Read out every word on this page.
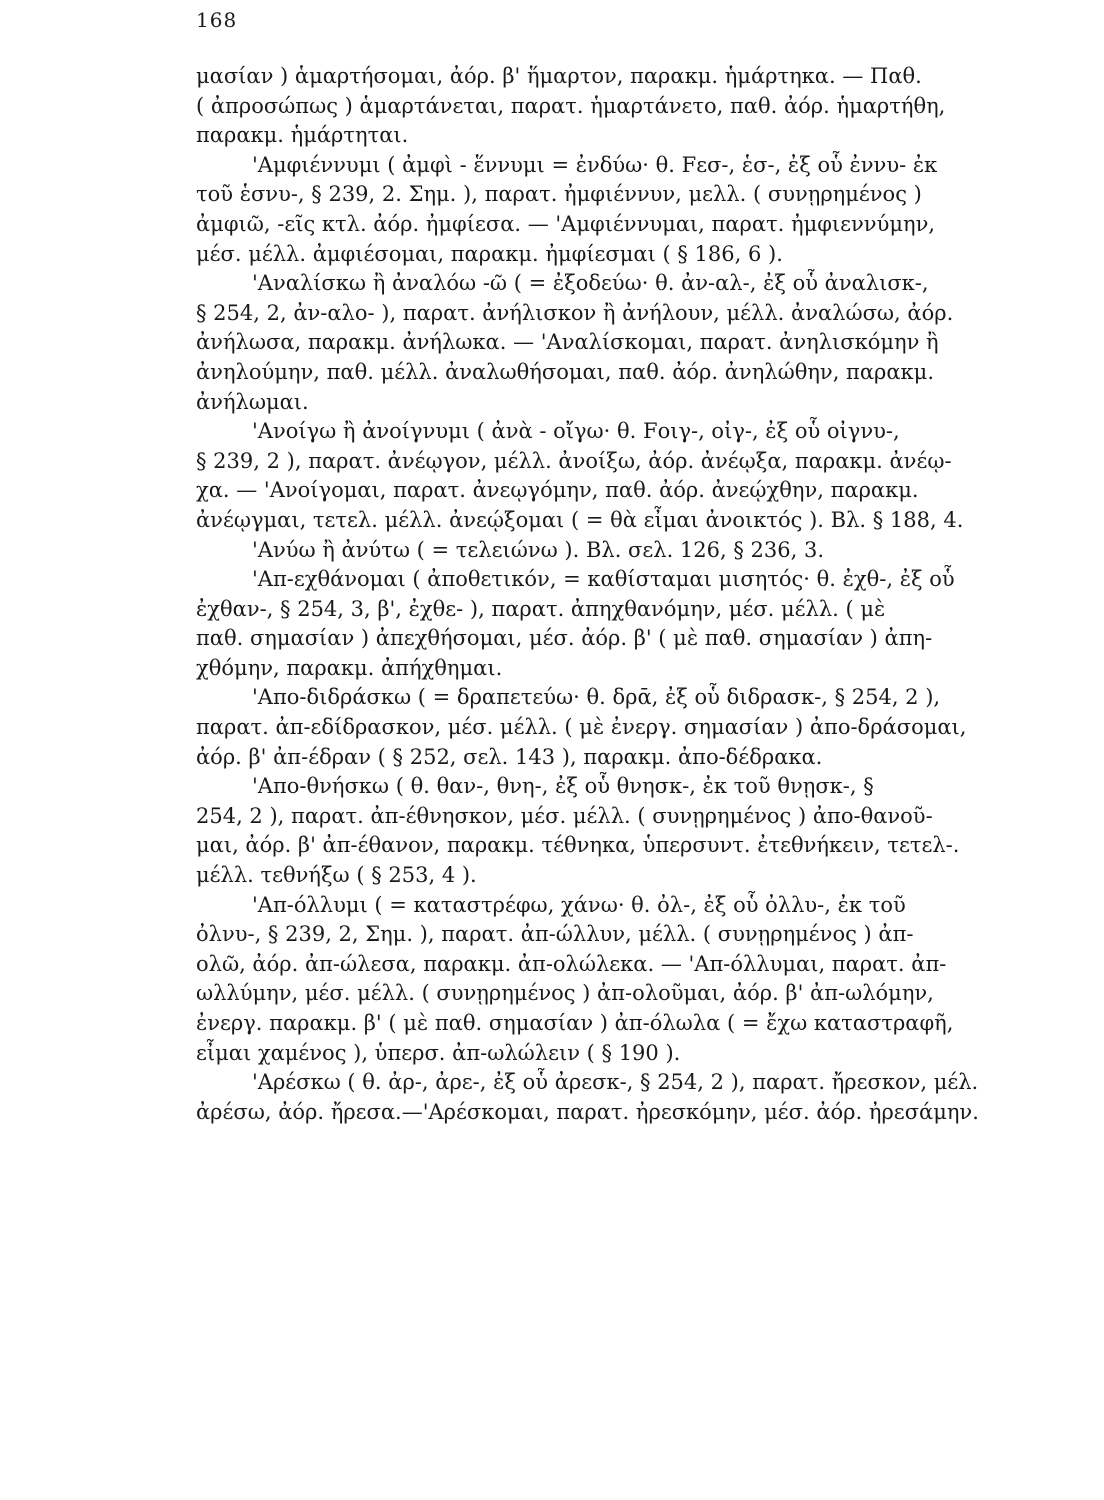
168
μασίαν ) ἁμαρτήσομαι, ἀόρ. β' ἥμαρτον, παρακμ. ἡμάρτηκα. — Παθ.
( ἀπροσώπως ) ἁμαρτάνεται, παρατ. ἡμαρτάνετο, παθ. ἀόρ. ἡμαρτήθη,
παρακμ. ἡμάρτηται.
'Αμφιέννυμι ( ἀμφὶ - ἕννυμι = ἐνδύω· θ. Fεσ-, ἑσ-, ἐξ οὗ ἐννυ- ἐκ
τοῦ ἑσνυ-, § 239, 2. Σημ. ), παρατ. ἠμφιέννυν, μελλ. ( συνῃρημένος )
ἀμφιῶ, -εῖς κτλ. ἀόρ. ἠμφίεσα. — 'Αμφιέννυμαι, παρατ. ἠμφιεννύμην,
μέσ. μέλλ. ἀμφιέσομαι, παρακμ. ἠμφίεσμαι ( § 186, 6 ).
'Αναλίσκω ἢ ἀναλόω -ῶ ( = ἐξοδεύω· θ. ἀν-αλ-, ἐξ οὗ ἀναλισκ-,
§ 254, 2, ἀν-αλο- ), παρατ. ἀνήλισκον ἢ ἀνήλουν, μέλλ. ἀναλώσω, ἀόρ.
ἀνήλωσα, παρακμ. ἀνήλωκα. — 'Αναλίσκομαι, παρατ. ἀνηλισκόμην ἢ
ἀνηλούμην, παθ. μέλλ. ἀναλωθήσομαι, παθ. ἀόρ. ἀνηλώθην, παρακμ.
ἀνήλωμαι.
'Ανοίγω ἢ ἀνοίγνυμι ( ἀνὰ - οἴγω· θ. Fοιγ-, οἰγ-, ἐξ οὗ οἰγνυ-,
§ 239, 2 ), παρατ. ἀνέῳγον, μέλλ. ἀνοίξω, ἀόρ. ἀνέῳξα, παρακμ. ἀνέῳ-
χα. — 'Ανοίγομαι, παρατ. ἀνεῳγόμην, παθ. ἀόρ. ἀνεῴχθην, παρακμ.
ἀνέῳγμαι, τετελ. μέλλ. ἀνεῴξομαι ( = θὰ εἶμαι ἀνοικτός ). Βλ. § 188, 4.
'Ανύω ἢ ἀνύτω ( = τελειώνω ). Βλ. σελ. 126, § 236, 3.
'Απ-εχθάνομαι ( ἀποθετικόν, = καθίσταμαι μισητός· θ. ἐχθ-, ἐξ οὗ
ἐχθαν-, § 254, 3, β', ἐχθε- ), παρατ. ἀπηχθανόμην, μέσ. μέλλ. ( μὲ
παθ. σημασίαν ) ἀπεχθήσομαι, μέσ. ἀόρ. β' ( μὲ παθ. σημασίαν ) ἀπη-
χθόμην, παρακμ. ἀπήχθημαι.
'Απο-διδράσκω ( = δραπετεύω· θ. δρᾱ, ἐξ οὗ διδρασκ-, § 254, 2 ),
παρατ. ἀπ-εδίδρασκον, μέσ. μέλλ. ( μὲ ἐνεργ. σημασίαν ) ἀπο-δράσομαι,
ἀόρ. β' ἀπ-έδραν ( § 252, σελ. 143 ), παρακμ. ἀπο-δέδρακα.
'Απο-θνήσκω ( θ. θαν-, θνη-, ἐξ οὗ θνησκ-, ἐκ τοῦ θνῃσκ-, §
254, 2 ), παρατ. ἀπ-έθνησκον, μέσ. μέλλ. ( συνῃρημένος ) ἀπο-θανοῦ-
μαι, ἀόρ. β' ἀπ-έθανον, παρακμ. τέθνηκα, ὑπερσυντ. ἐτεθνήκειν, τετελ-.
μέλλ. τεθνήξω ( § 253, 4 ).
'Απ-όλλυμι ( = καταστρέφω, χάνω· θ. ὀλ-, ἐξ οὗ ὀλλυ-, ἐκ τοῦ
ὀλνυ-, § 239, 2, Σημ. ), παρατ. ἀπ-ώλλυν, μέλλ. ( συνῃρημένος ) ἀπ-
ολῶ, ἀόρ. ἀπ-ώλεσα, παρακμ. ἀπ-ολώλεκα. — 'Απ-όλλυμαι, παρατ. ἀπ-
ωλλύμην, μέσ. μέλλ. ( συνῃρημένος ) ἀπ-ολοῦμαι, ἀόρ. β' ἀπ-ωλόμην,
ἐνεργ. παρακμ. β' ( μὲ παθ. σημασίαν ) ἀπ-όλωλα ( = ἔχω καταστραφῆ,
εἶμαι χαμένος ), ὑπερσ. ἀπ-ωλώλειν ( § 190 ).
'Αρέσκω ( θ. ἀρ-, ἀρε-, ἐξ οὗ ἀρεσκ-, § 254, 2 ), παρατ. ἤρεσκον, μέλ.
ἀρέσω, ἀόρ. ἤρεσα.—'Αρέσκομαι, παρατ. ἠρεσκόμην, μέσ. ἀόρ. ἠρεσάμην.
